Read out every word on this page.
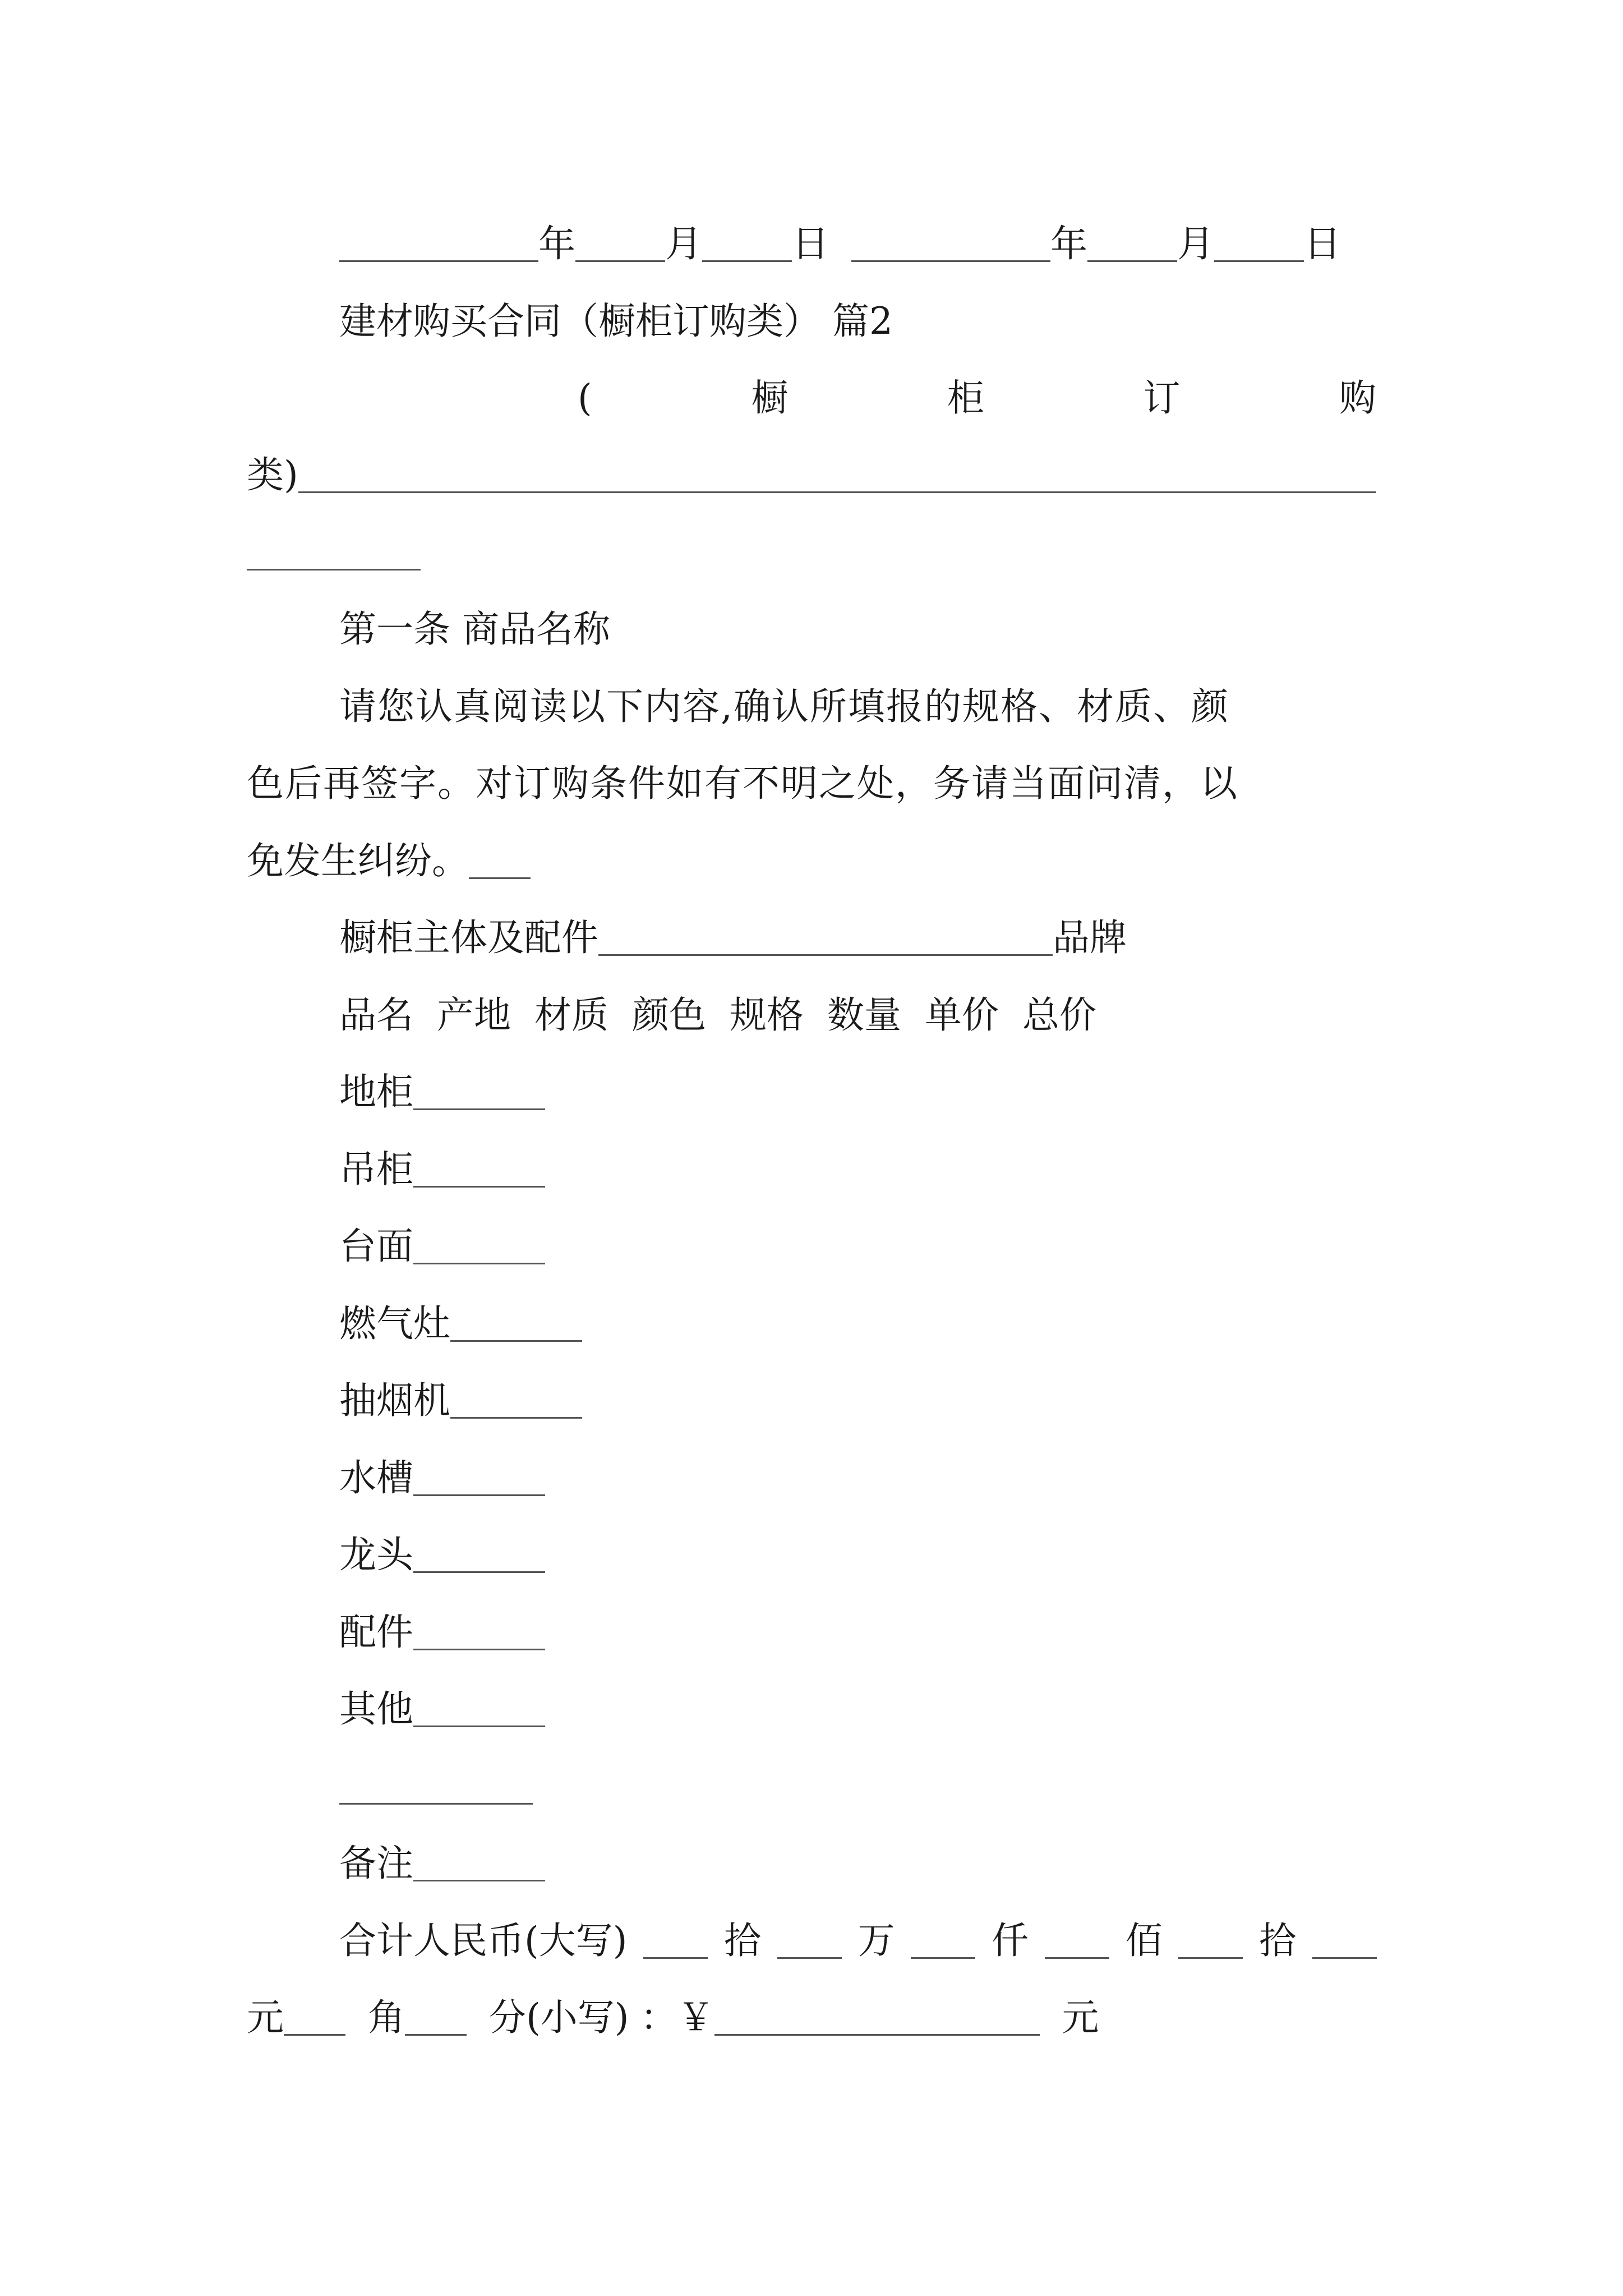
年 月 日	年 月 日
建材购买合同（橱柜订购类） 篇2
(	橱	柜	订	购
类)
第一条 商品名称
请您认真阅读以下内容,确认所填报的规格、材质、颜
色后再签字。对订购条件如有不明之处，务请当面问清，以
免发生纠纷。
橱柜主体及配件	品牌
品名 产地 材质 颜色 规格 数量 单价 总价
地柜
吊柜
台面
燃气灶
抽烟机
水槽
龙头
配件
其他
备注
合计人民币(大写)	拾	万	仟	佰	拾
元 角 分(小写) ： ￥	元
